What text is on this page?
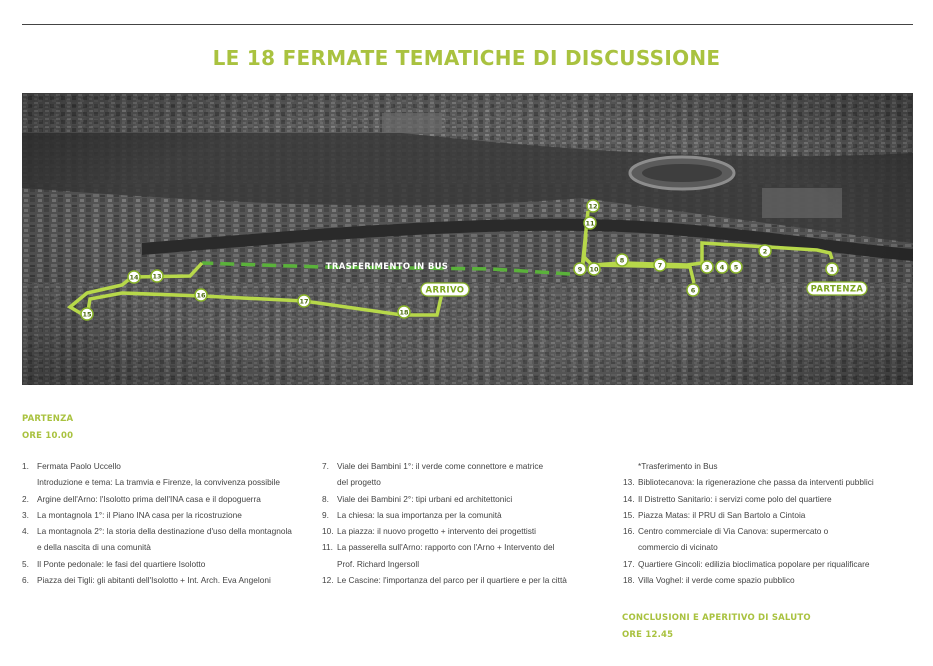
LE 18 FERMATE TEMATICHE DI DISCUSSIONE
1
2
3 4 5
6
7
8
9 10
11
12
13
14
15
16
17
18
PARTENZA
ARRIVO
TRASFERIMENTO IN BUS
PARTENZA
ORE 10.00
1. Fermata Paolo Uccello
Introduzione e tema: La tramvia e Firenze, la convivenza possibile
2. Argine dell'Arno: l'Isolotto prima dell'INA casa e il dopoguerra
3. La montagnola 1°: il Piano INA casa per la ricostruzione
4. La montagnola 2°: la storia della destinazione d'uso della montagnola
e della nascita di una comunità
5. Il Ponte pedonale: le fasi del quartiere Isolotto
6. Piazza dei Tigli: gli abitanti dell'Isolotto + Int. Arch. Eva Angeloni
7. Viale dei Bambini 1°: il verde come connettore e matrice
del progetto
8. Viale dei Bambini 2°: tipi urbani ed architettonici
9. La chiesa: la sua importanza per la comunità
10. La piazza: il nuovo progetto + intervento dei progettisti
11. La passerella sull'Arno: rapporto con l'Arno + Intervento del
Prof. Richard Ingersoll
12. Le Cascine: l'importanza del parco per il quartiere e per la città
*Trasferimento in Bus
13. Bibliotecanova: la rigenerazione che passa da interventi pubblici
14. Il Distretto Sanitario: i servizi come polo del quartiere
15. Piazza Matas: il PRU di San Bartolo a Cintoia
16. Centro commerciale di Via Canova: supermercato o
commercio di vicinato
17. Quartiere Gincoli: edilizia bioclimatica popolare per riqualificare
18. Villa Voghel: il verde come spazio pubblico
CONCLUSIONI E APERITIVO DI SALUTO
ORE 12.45
